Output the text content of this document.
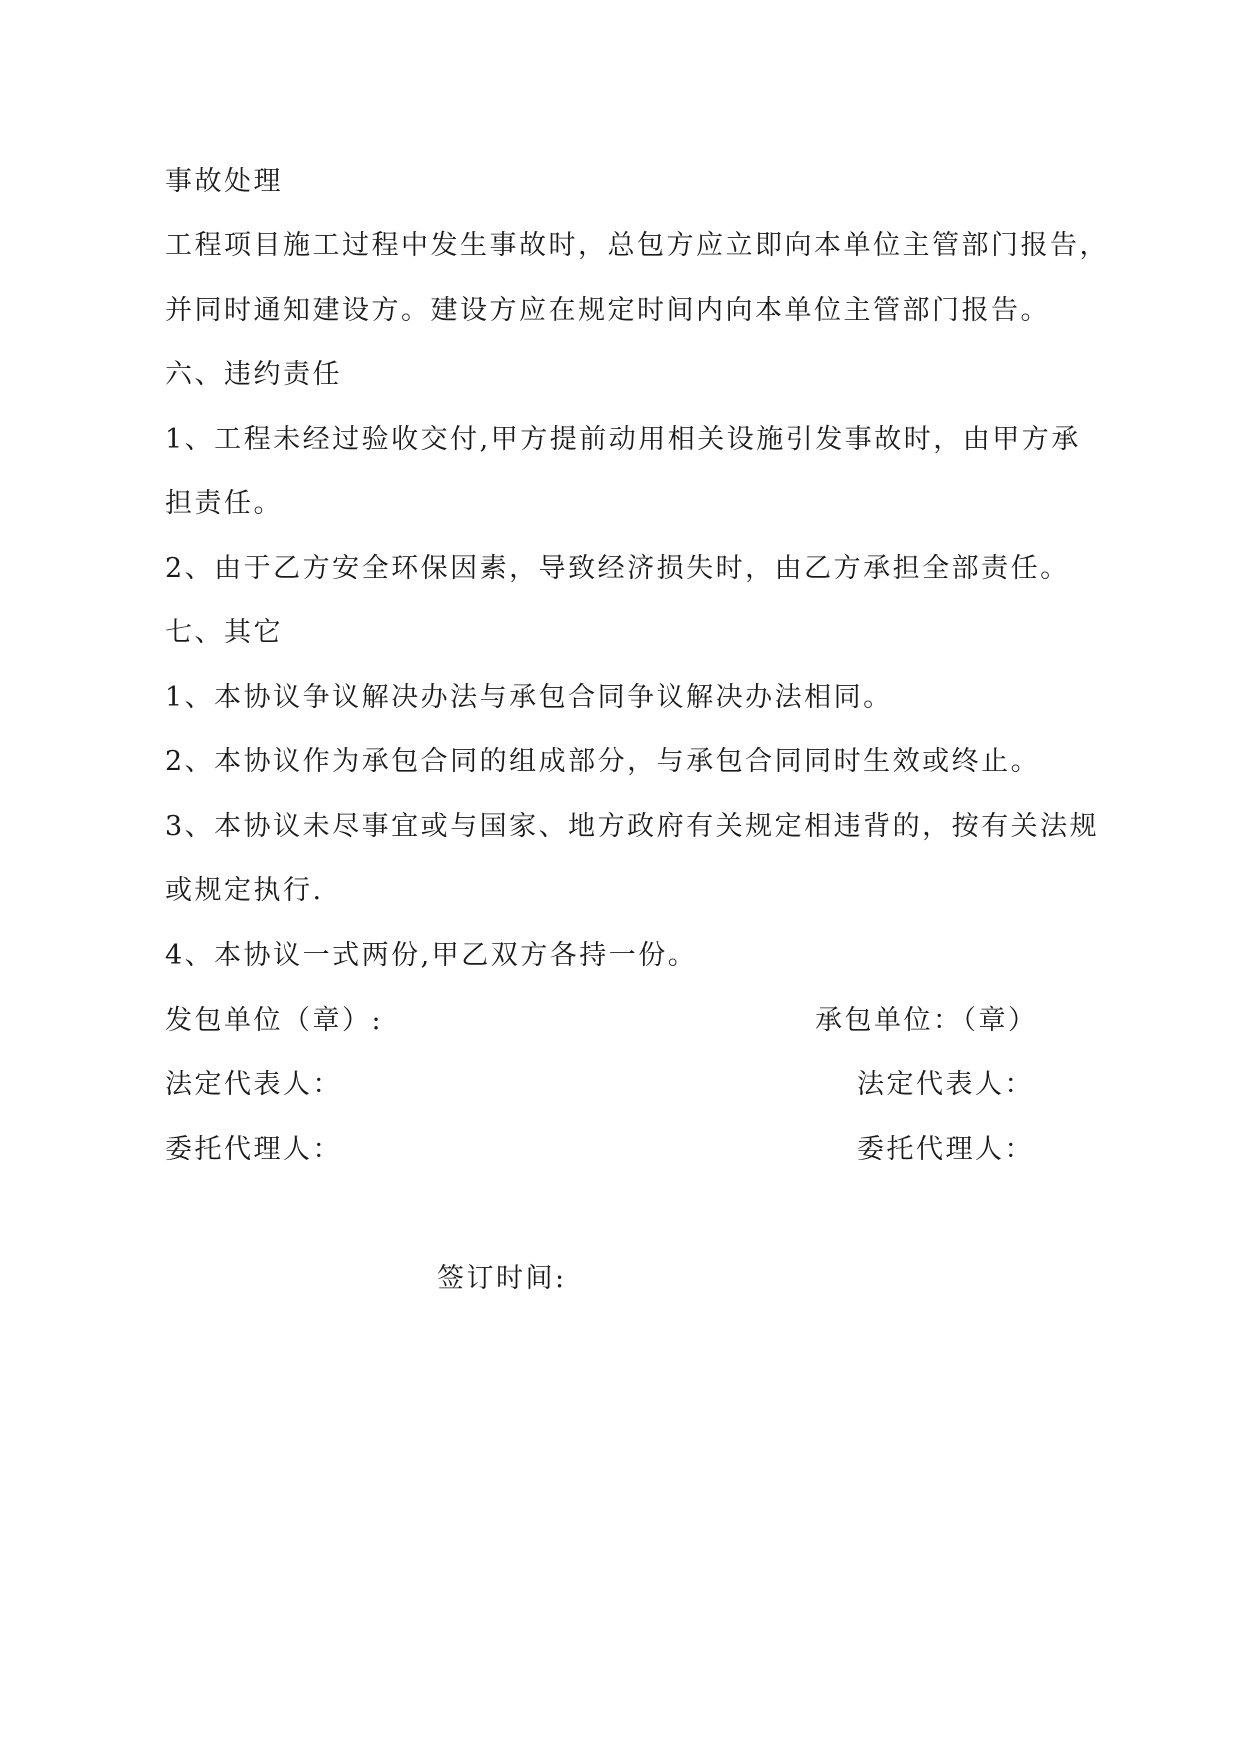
事故处理
工程项目施工过程中发生事故时，总包方应立即向本单位主管部门报告，
并同时通知建设方。建设方应在规定时间内向本单位主管部门报告。
六、违约责任
1、工程未经过验收交付,甲方提前动用相关设施引发事故时，由甲方承
担责任。
2、由于乙方安全环保因素，导致经济损失时，由乙方承担全部责任。
七、其它
1、本协议争议解决办法与承包合同争议解决办法相同。
2、本协议作为承包合同的组成部分，与承包合同同时生效或终止。
3、本协议未尽事宜或与国家、地方政府有关规定相违背的，按有关法规
或规定执行.
4、本协议一式两份,甲乙双方各持一份。
发包单位（章）:	承包单位：（章）
法定代表人：	法定代表人：
委托代理人：	委托代理人：
签订时间:
